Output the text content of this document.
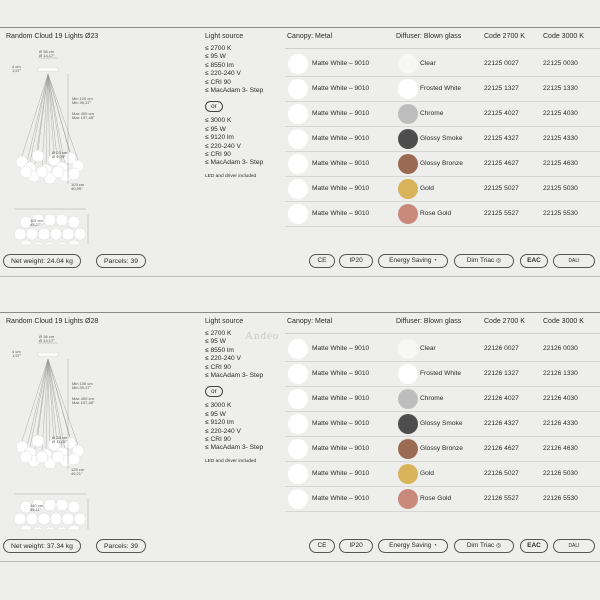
Random Cloud 19 Lights Ø23
Ø 36 cm
Ø 14,17"
4 cm
1,57"
Min 100 cm
Min 39,37"
Max 400 cm
Max 157,48"
Ø 23 cm
Ø 9,05"
103 cm
40,55"
115 cm
45,27"
Light source
≤ 2700 K
≤ 95 W
≤ 8550 lm
≤ 220-240 V
≤ CRI 90
≤ MacAdam 3- Step
or
≤ 3000 K
≤ 95 W
≤ 9120 lm
≤ 220-240 V
≤ CRI 90
≤ MacAdam 3- Step
LED and driver included
Canopy: Metal	Diffuser: Blown glass	Code 2700 K	Code 3000 K
Matte White – 9010	Clear	22125 0027	22125 0030
Matte White – 9010	Frosted White	22125 1327	22125 1330
Matte White – 9010	Chrome	22125 4027	22125 4030
Matte White – 9010	Glossy Smoke	22125 4327	22125 4330
Matte White – 9010	Glossy Bronze	22125 4627	22125 4630
Matte White – 9010	Gold	22125 5027	22125 5030
Matte White – 9010	Rose Gold	22125 5527	22125 5530
Net weight: 24.04 kg	Parcels: 39	CE	IP20	Energy Saving ◔	Dim Triac ◎	EAC	DALI
Random Cloud 19 Lights Ø28
Ø 36 cm
Ø 14,17"
4 cm
1,57"
Min 100 cm
Min 39,37"
Max 400 cm
Max 157,48"
Ø 28 cm
Ø 11,02"
125 cm
49,21"
140 cm
55,11"
Light source
≤ 2700 K
≤ 95 W
≤ 8550 lm
≤ 220-240 V
≤ CRI 90
≤ MacAdam 3- Step
or
≤ 3000 K
≤ 95 W
≤ 9120 lm
≤ 220-240 V
≤ CRI 90
≤ MacAdam 3- Step
LED and driver included
Canopy: Metal	Diffuser: Blown glass	Code 2700 K	Code 3000 K
Matte White – 9010	Clear	22126 0027	22126 0030
Matte White – 9010	Frosted White	22126 1327	22126 1330
Matte White – 9010	Chrome	22126 4027	22126 4030
Matte White – 9010	Glossy Smoke	22126 4327	22126 4330
Matte White – 9010	Glossy Bronze	22126 4627	22126 4630
Matte White – 9010	Gold	22126 5027	22126 5030
Matte White – 9010	Rose Gold	22126 5527	22126 5530
Net weight: 37.34 kg	Parcels: 39	CE	IP20	Energy Saving ◔	Dim Triac ◎	EAC	DALI
Andéo
